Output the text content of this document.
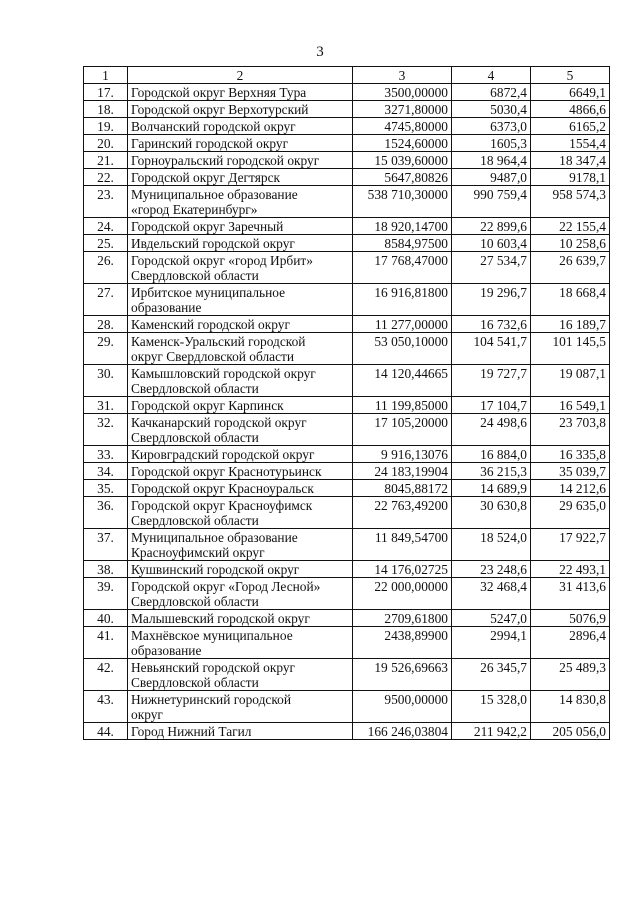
3
1	2	3	4	5
17.	Городской округ Верхняя Тура	3500,00000	6872,4	6649,1
18.	Городской округ Верхотурский	3271,80000	5030,4	4866,6
19.	Волчанский городской округ	4745,80000	6373,0	6165,2
20.	Гаринский городской округ	1524,60000	1605,3	1554,4
21.	Горноуральский городской округ	15 039,60000	18 964,4	18 347,4
22.	Городской округ Дегтярск	5647,80826	9487,0	9178,1
23.	Муниципальное образование
«город Екатеринбург»	538 710,30000	990 759,4	958 574,3
24.	Городской округ Заречный	18 920,14700	22 899,6	22 155,4
25.	Ивдельский городской округ	8584,97500	10 603,4	10 258,6
26.	Городской округ «город Ирбит»
Свердловской области	17 768,47000	27 534,7	26 639,7
27.	Ирбитское муниципальное
образование	16 916,81800	19 296,7	18 668,4
28.	Каменский городской округ	11 277,00000	16 732,6	16 189,7
29.	Каменск-Уральский городской
округ Свердловской области	53 050,10000	104 541,7	101 145,5
30.	Камышловский городской округ
Свердловской области	14 120,44665	19 727,7	19 087,1
31.	Городской округ Карпинск	11 199,85000	17 104,7	16 549,1
32.	Качканарский городской округ
Свердловской области	17 105,20000	24 498,6	23 703,8
33.	Кировградский городской округ	9 916,13076	16 884,0	16 335,8
34.	Городской округ Краснотурьинск	24 183,19904	36 215,3	35 039,7
35.	Городской округ Красноуральск	8045,88172	14 689,9	14 212,6
36.	Городской округ Красноуфимск
Свердловской области	22 763,49200	30 630,8	29 635,0
37.	Муниципальное образование
Красноуфимский округ	11 849,54700	18 524,0	17 922,7
38.	Кушвинский городской округ	14 176,02725	23 248,6	22 493,1
39.	Городской округ «Город Лесной»
Свердловской области	22 000,00000	32 468,4	31 413,6
40.	Малышевский городской округ	2709,61800	5247,0	5076,9
41.	Махнёвское муниципальное
образование	2438,89900	2994,1	2896,4
42.	Невьянский городской округ
Свердловской области	19 526,69663	26 345,7	25 489,3
43.	Нижнетуринский городской
округ	9500,00000	15 328,0	14 830,8
44.	Город Нижний Тагил	166 246,03804	211 942,2	205 056,0
